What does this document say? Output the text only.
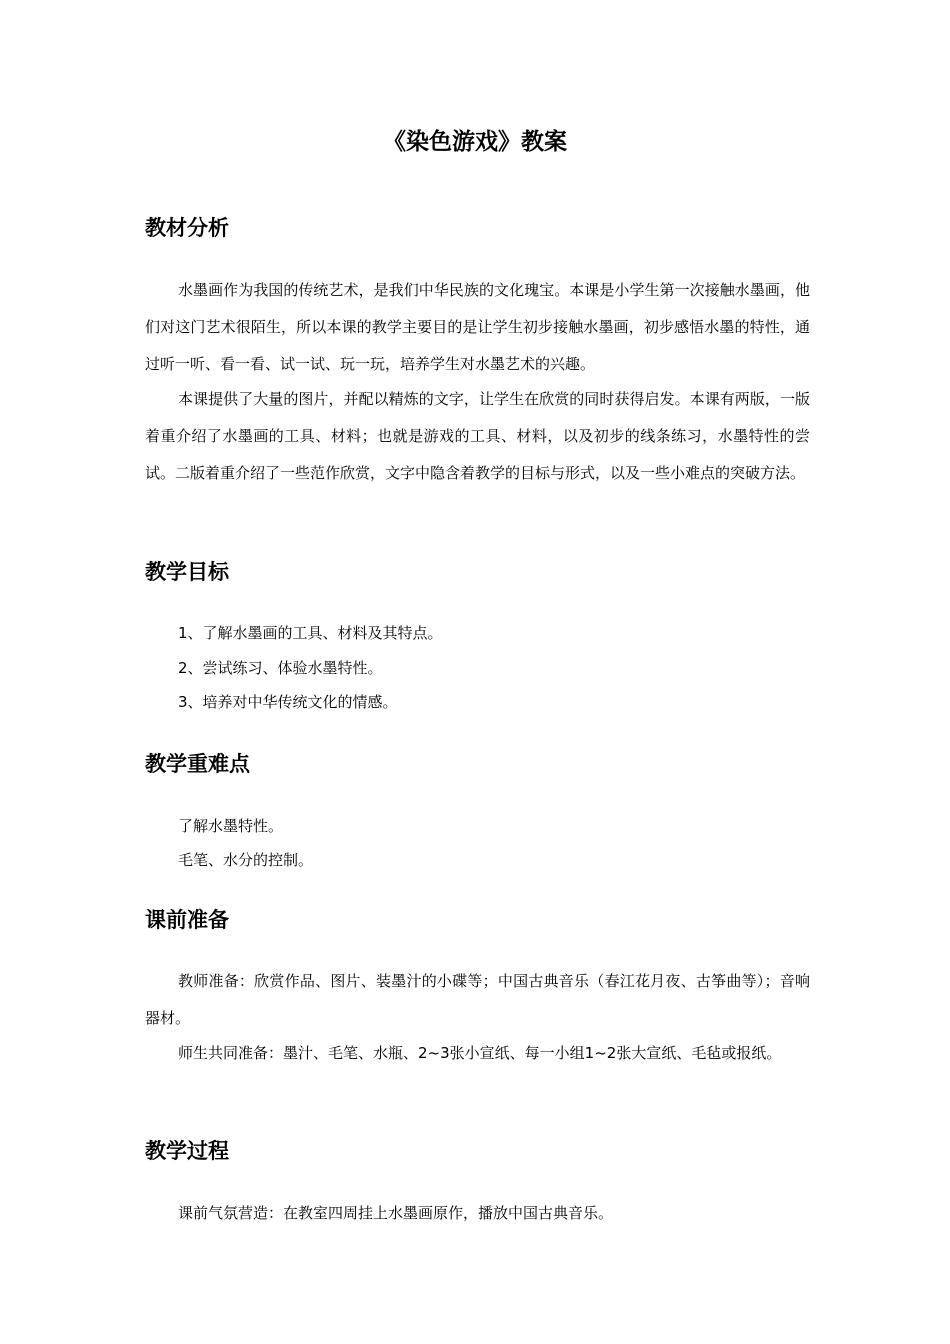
《染色游戏》教案
教材分析

水墨画作为我国的传统艺术，是我们中华民族的文化瑰宝。本课是小学生第一次接触水墨画，他们对这门艺术很陌生，所以本课的教学主要目的是让学生初步接触水墨画，初步感悟水墨的特性，通过听一听、看一看、试一试、玩一玩，培养学生对水墨艺术的兴趣。

本课提供了大量的图片，并配以精炼的文字，让学生在欣赏的同时获得启发。本课有两版，一版着重介绍了水墨画的工具、材料；也就是游戏的工具、材料，以及初步的线条练习，水墨特性的尝试。二版着重介绍了一些范作欣赏，文字中隐含着教学的目标与形式，以及一些小难点的突破方法。

教学目标
1、了解水墨画的工具、材料及其特点。
2、尝试练习、体验水墨特性。
3、培养对中华传统文化的情感。
教学重难点
了解水墨特性。
毛笔、水分的控制。
课前准备

教师准备：欣赏作品、图片、装墨汁的小碟等；中国古典音乐（春江花月夜、古筝曲等）；音响器材。

师生共同准备：墨汁、毛笔、水瓶、2~3张小宣纸、每一小组1~2张大宣纸、毛毡或报纸。

教学过程

课前气氛营造：在教室四周挂上水墨画原作，播放中国古典音乐。
